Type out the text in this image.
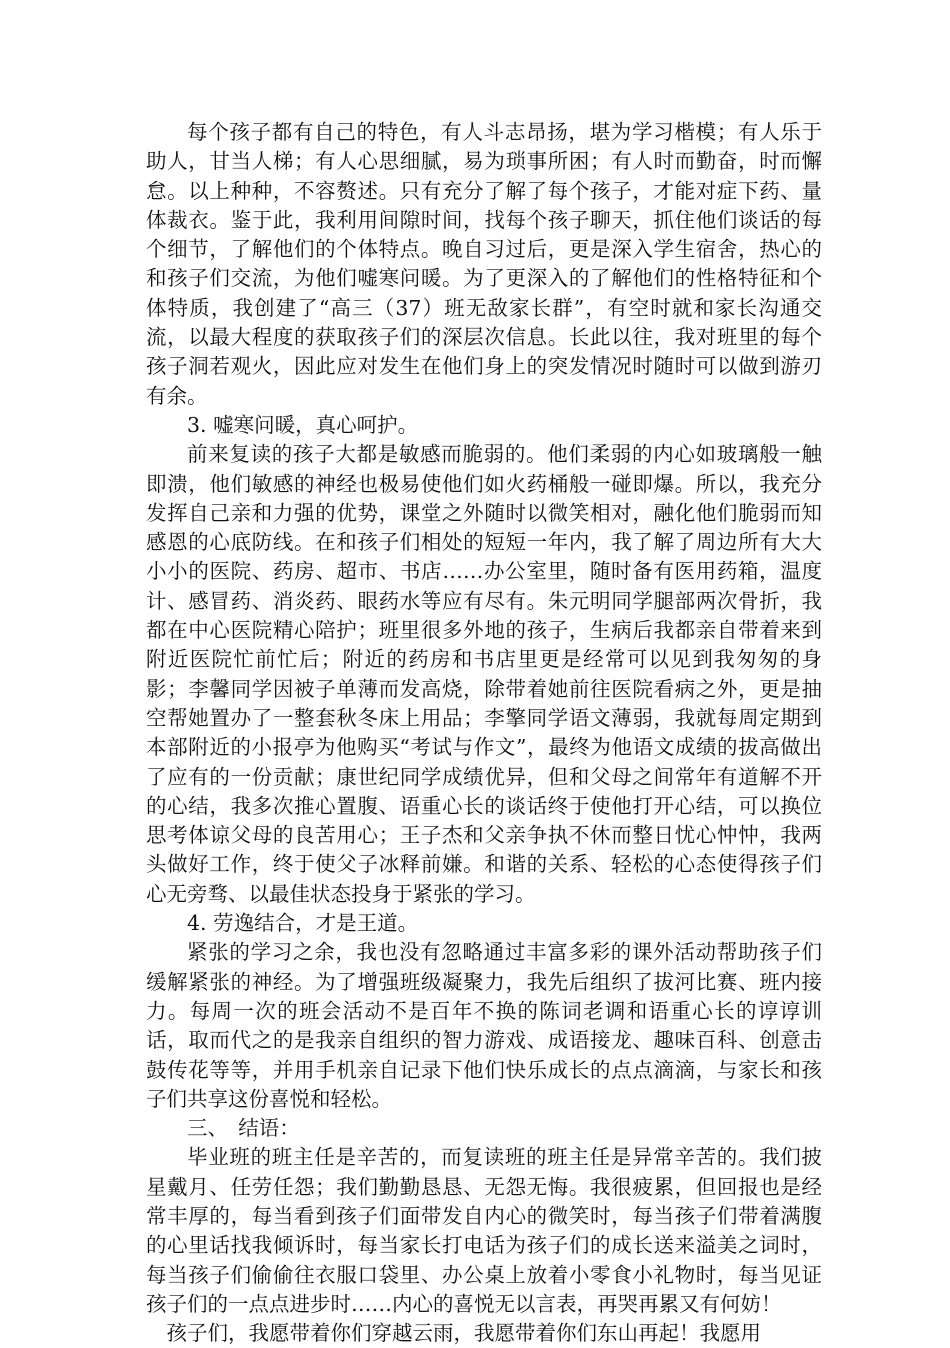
每个孩子都有自己的特色，有人斗志昂扬，堪为学习楷模；有人乐于助人，甘当人梯；有人心思细腻，易为琐事所困；有人时而勤奋，时而懈怠。以上种种，不容赘述。只有充分了解了每个孩子，才能对症下药、量体裁衣。鉴于此，我利用间隙时间，找每个孩子聊天，抓住他们谈话的每个细节，了解他们的个体特点。晚自习过后，更是深入学生宿舍，热心的和孩子们交流，为他们嘘寒问暖。为了更深入的了解他们的性格特征和个体特质，我创建了“高三（37）班无敌家长群”，有空时就和家长沟通交流，以最大程度的获取孩子们的深层次信息。长此以往，我对班里的每个孩子洞若观火，因此应对发生在他们身上的突发情况时随时可以做到游刃有余。

3. 嘘寒问暖，真心呵护。

前来复读的孩子大都是敏感而脆弱的。他们柔弱的内心如玻璃般一触即溃，他们敏感的神经也极易使他们如火药桶般一碰即爆。所以，我充分发挥自己亲和力强的优势，课堂之外随时以微笑相对，融化他们脆弱而知感恩的心底防线。在和孩子们相处的短短一年内，我了解了周边所有大大小小的医院、药房、超市、书店……办公室里，随时备有医用药箱，温度计、感冒药、消炎药、眼药水等应有尽有。朱元明同学腿部两次骨折，我都在中心医院精心陪护；班里很多外地的孩子，生病后我都亲自带着来到附近医院忙前忙后；附近的药房和书店里更是经常可以见到我匆匆的身影；李馨同学因被子单薄而发高烧，除带着她前往医院看病之外，更是抽空帮她置办了一整套秋冬床上用品；李擎同学语文薄弱，我就每周定期到本部附近的小报亭为他购买“考试与作文”，最终为他语文成绩的拔高做出了应有的一份贡献；康世纪同学成绩优异，但和父母之间常年有道解不开的心结，我多次推心置腹、语重心长的谈话终于使他打开心结，可以换位思考体谅父母的良苦用心；王子杰和父亲争执不休而整日忧心忡忡，我两头做好工作，终于使父子冰释前嫌。和谐的关系、轻松的心态使得孩子们心无旁骛、以最佳状态投身于紧张的学习。

4. 劳逸结合，才是王道。

紧张的学习之余，我也没有忽略通过丰富多彩的课外活动帮助孩子们缓解紧张的神经。为了增强班级凝聚力，我先后组织了拔河比赛、班内接力。每周一次的班会活动不是百年不换的陈词老调和语重心长的谆谆训话，取而代之的是我亲自组织的智力游戏、成语接龙、趣味百科、创意击鼓传花等等，并用手机亲自记录下他们快乐成长的点点滴滴，与家长和孩子们共享这份喜悦和轻松。

三、　结语：

毕业班的班主任是辛苦的，而复读班的班主任是异常辛苦的。我们披星戴月、任劳任怨；我们勤勤恳恳、无怨无悔。我很疲累，但回报也是经常丰厚的，每当看到孩子们面带发自内心的微笑时，每当孩子们带着满腹的心里话找我倾诉时，每当家长打电话为孩子们的成长送来溢美之词时，每当孩子们偷偷往衣服口袋里、办公桌上放着小零食小礼物时，每当见证孩子们的一点点进步时……内心的喜悦无以言表，再哭再累又有何妨！

孩子们，我愿带着你们穿越云雨，我愿带着你们东山再起！我愿用
